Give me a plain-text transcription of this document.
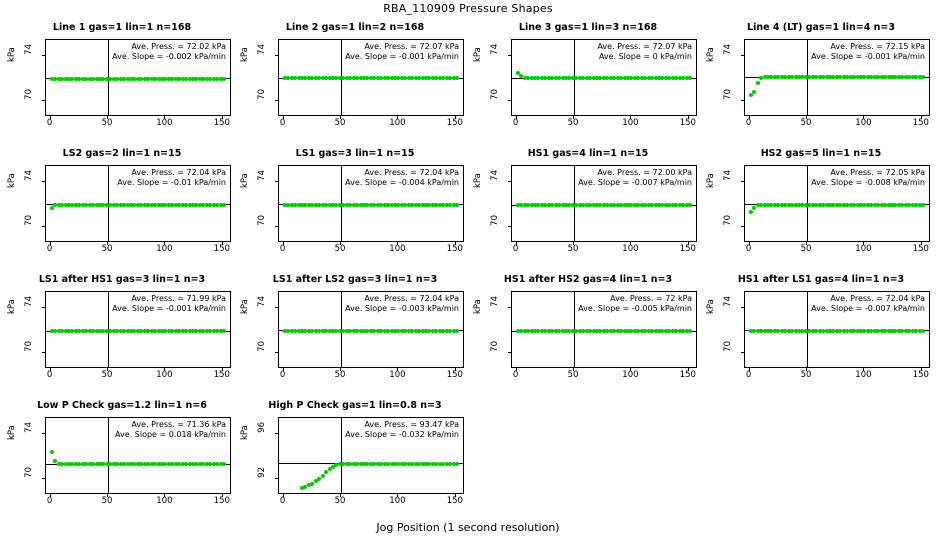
RBA_110909 Pressure Shapes
Line 1 gas=1 lin=1 n=168
kPa
Ave. Press. = 72.02 kPa
Ave. Slope = -0.002 kPa/min
0	50	100	150
70
74
Line 2 gas=1 lin=2 n=168
kPa
Ave. Press. = 72.07 kPa
Ave. Slope = -0.001 kPa/min
0	50	100	150
70
74
Line 3 gas=1 lin=3 n=168
kPa
Ave. Press. = 72.07 kPa
Ave. Slope = 0 kPa/min
0	50	100	150
70
74
Line 4 (LT) gas=1 lin=4 n=3
kPa
Ave. Press. = 72.15 kPa
Ave. Slope = -0.001 kPa/min
0	50	100	150
70
74
LS2 gas=2 lin=1 n=15
kPa
Ave. Press. = 72.04 kPa
Ave. Slope = -0.01 kPa/min
0	50	100	150
70
74
LS1 gas=3 lin=1 n=15
kPa
Ave. Press. = 72.04 kPa
Ave. Slope = -0.004 kPa/min
0	50	100	150
70
74
HS1 gas=4 lin=1 n=15
kPa
Ave. Press. = 72.00 kPa
Ave. Slope = -0.007 kPa/min
0	50	100	150
70
74
HS2 gas=5 lin=1 n=15
kPa
Ave. Press. = 72.05 kPa
Ave. Slope = -0.008 kPa/min
0	50	100	150
70
74
LS1 after HS1 gas=3 lin=1 n=3
kPa
Ave. Press. = 71.99 kPa
Ave. Slope = -0.001 kPa/min
0	50	100	150
70
74
LS1 after LS2 gas=3 lin=1 n=3
kPa
Ave. Press. = 72.04 kPa
Ave. Slope = -0.003 kPa/min
0	50	100	150
70
74
HS1 after HS2 gas=4 lin=1 n=3
kPa
Ave. Press. = 72 kPa
Ave. Slope = -0.005 kPa/min
0	50	100	150
70
74
HS1 after LS1 gas=4 lin=1 n=3
kPa
Ave. Press. = 72.04 kPa
Ave. Slope = -0.007 kPa/min
0	50	100	150
70
74
Low P Check gas=1.2 lin=1 n=6
kPa
Ave. Press. = 71.36 kPa
Ave. Slope = 0.018 kPa/min
0	50	100	150
70
74
High P Check gas=1 lin=0.8 n=3
kPa
Ave. Press. = 93.47 kPa
Ave. Slope = -0.032 kPa/min
0	50	100	150
92
96
Jog Position (1 second resolution)
